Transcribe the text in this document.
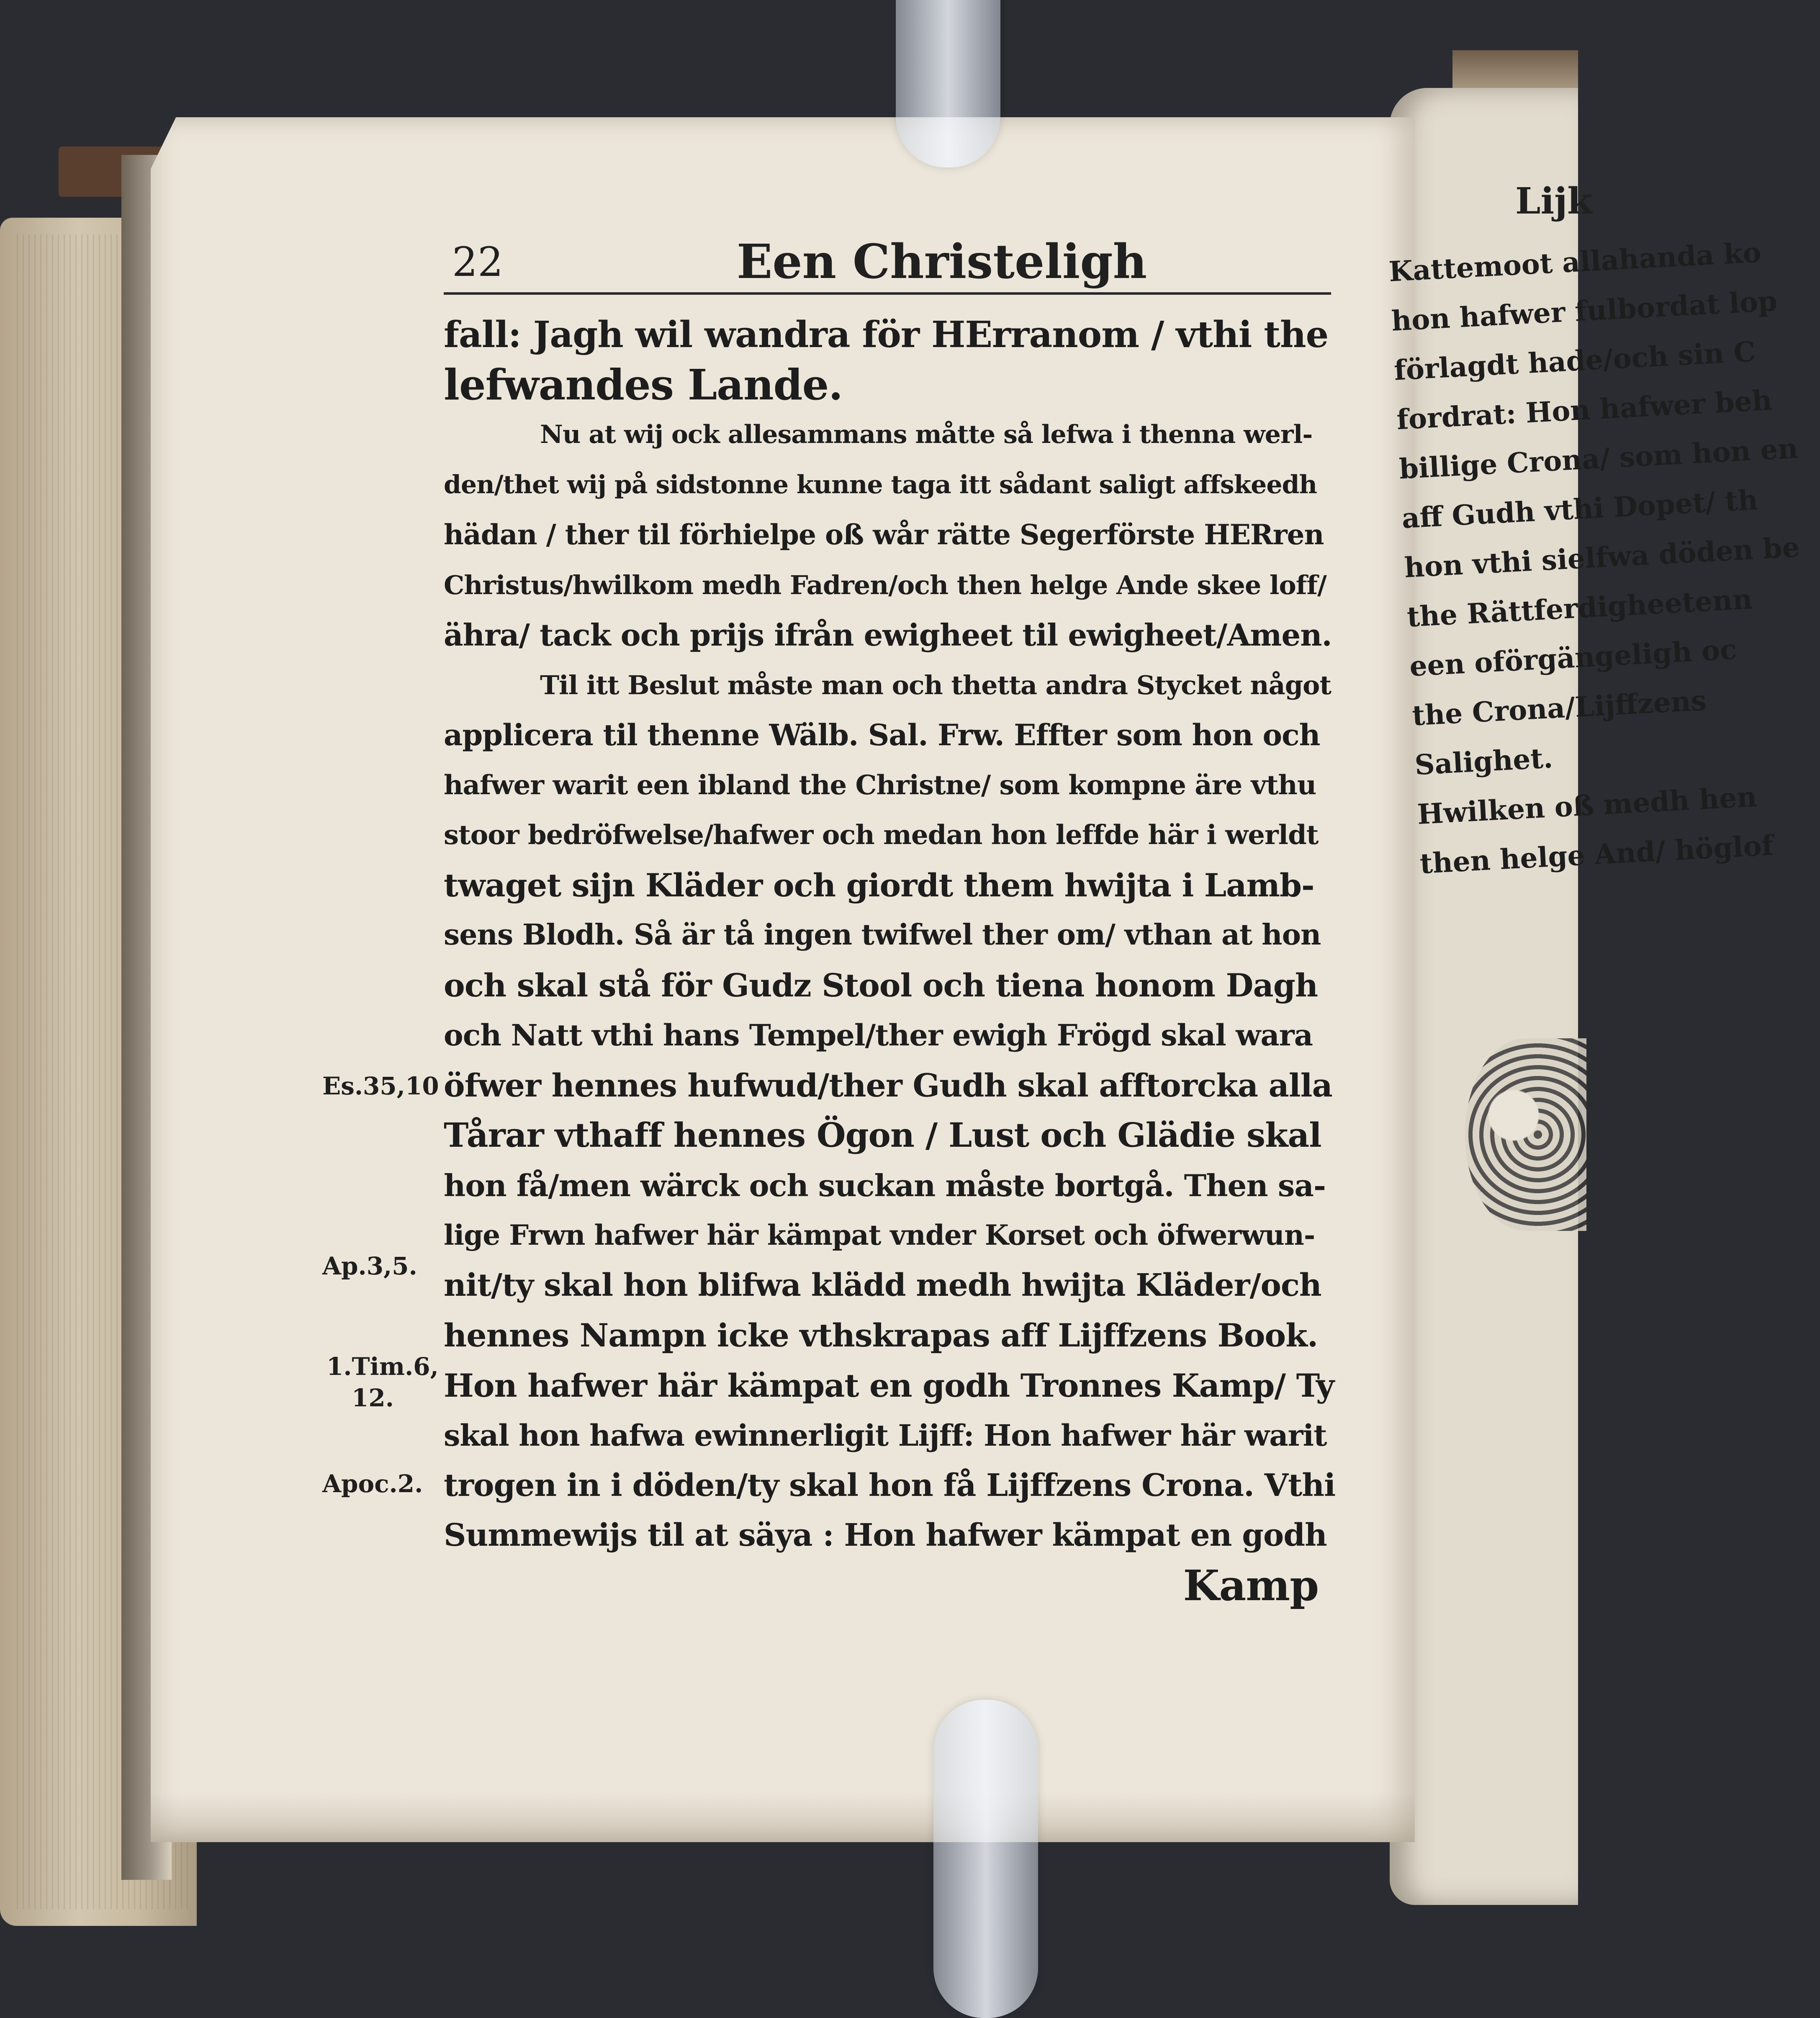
22	Een Christeligh
fall: Jagh wil wandra för HErranom / vthi the
lefwandes Lande.
Nu at wij ock allesammans måtte så lefwa i thenna werl-
den/thet wij på sidstonne kunne taga itt sådant saligt affskeedh
hädan / ther til förhielpe oß wår rätte Segerförste HERren
Christus/hwilkom medh Fadren/och then helge Ande skee loff/
ähra/ tack och prijs ifrån ewigheet til ewigheet/Amen.
Til itt Beslut måste man och thetta andra Stycket något
applicera til thenne Wälb. Sal. Frw. Effter som hon och
hafwer warit een ibland the Christne/ som kompne äre vthu
stoor bedröfwelse/hafwer och medan hon leffde här i werldt
twaget sijn Kläder och giordt them hwijta i Lamb-
sens Blodh. Så är tå ingen twifwel ther om/ vthan at hon
och skal stå för Gudz Stool och tiena honom Dagh
och Natt vthi hans Tempel/ther ewigh Frögd skal wara
öfwer hennes hufwud/ther Gudh skal afftorcka alla
Tårar vthaff hennes Ögon / Lust och Glädie skal
hon få/men wärck och suckan måste bortgå. Then sa-
lige Frwn hafwer här kämpat vnder Korset och öfwerwun-
nit/ty skal hon blifwa klädd medh hwijta Kläder/och
hennes Nampn icke vthskrapas aff Lijffzens Book.
Hon hafwer här kämpat en godh Tronnes Kamp/ Ty
skal hon hafwa ewinnerligit Lijff: Hon hafwer här warit
trogen in i döden/ty skal hon få Lijffzens Crona. Vthi
Summewijs til at säya : Hon hafwer kämpat en godh
Kamp
Es.35,10
Ap.3,5.
1.Tim.6,
12.
Apoc.2.
Lijk
Kattemoot allahanda ko
hon hafwer fulbordat lop
förlagdt hade/och sin C
fordrat: Hon hafwer beh
billige Crona/ som hon en
aff Gudh vthi Dopet/ th
hon vthi sielfwa döden be
the Rättferdigheetenn
een oförgängeligh oc
the Crona/Lijffzens
Salighet.
Hwilken oß medh hen
then helge And/ höglof
